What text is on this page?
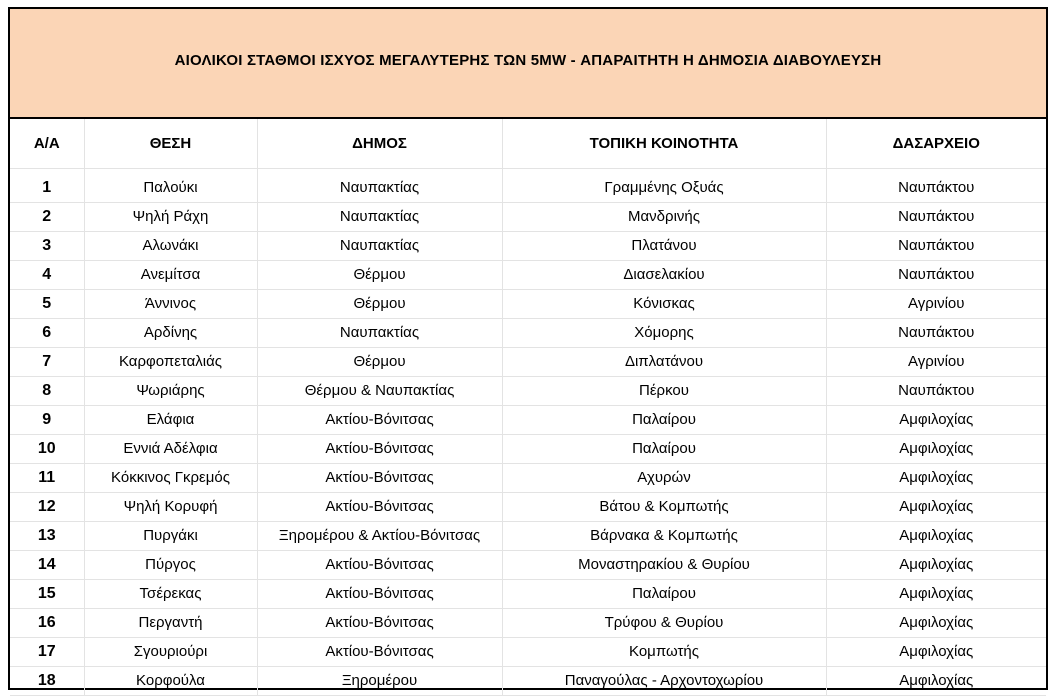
ΑΙΟΛΙΚΟΙ ΣΤΑΘΜΟΙ ΙΣΧΥΟΣ ΜΕΓΑΛΥΤΕΡΗΣ ΤΩΝ 5MW - ΑΠΑΡΑΙΤΗΤΗ Η ΔΗΜΟΣΙΑ ΔΙΑΒΟΥΛΕΥΣΗ
Α/Α	ΘΕΣΗ	ΔΗΜΟΣ	ΤΟΠΙΚΗ ΚΟΙΝΟΤΗΤΑ	ΔΑΣΑΡΧΕΙΟ
1	Παλούκι	Ναυπακτίας	Γραμμένης Οξυάς	Ναυπάκτου
2	Ψηλή Ράχη	Ναυπακτίας	Μανδρινής	Ναυπάκτου
3	Αλωνάκι	Ναυπακτίας	Πλατάνου	Ναυπάκτου
4	Ανεμίτσα	Θέρμου	Διασελακίου	Ναυπάκτου
5	Άννινος	Θέρμου	Κόνισκας	Αγρινίου
6	Αρδίνης	Ναυπακτίας	Χόμορης	Ναυπάκτου
7	Καρφοπεταλιάς	Θέρμου	Διπλατάνου	Αγρινίου
8	Ψωριάρης	Θέρμου & Ναυπακτίας	Πέρκου	Ναυπάκτου
9	Ελάφια	Ακτίου-Βόνιτσας	Παλαίρου	Αμφιλοχίας
10	Εννιά Αδέλφια	Ακτίου-Βόνιτσας	Παλαίρου	Αμφιλοχίας
11	Κόκκινος Γκρεμός	Ακτίου-Βόνιτσας	Αχυρών	Αμφιλοχίας
12	Ψηλή Κορυφή	Ακτίου-Βόνιτσας	Βάτου & Κομπωτής	Αμφιλοχίας
13	Πυργάκι	Ξηρομέρου & Ακτίου-Βόνιτσας	Βάρνακα & Κομπωτής	Αμφιλοχίας
14	Πύργος	Ακτίου-Βόνιτσας	Μοναστηρακίου & Θυρίου	Αμφιλοχίας
15	Τσέρεκας	Ακτίου-Βόνιτσας	Παλαίρου	Αμφιλοχίας
16	Περγαντή	Ακτίου-Βόνιτσας	Τρύφου & Θυρίου	Αμφιλοχίας
17	Σγουριούρι	Ακτίου-Βόνιτσας	Κομπωτής	Αμφιλοχίας
18	Κορφούλα	Ξηρομέρου	Παναγούλας - Αρχοντοχωρίου	Αμφιλοχίας
